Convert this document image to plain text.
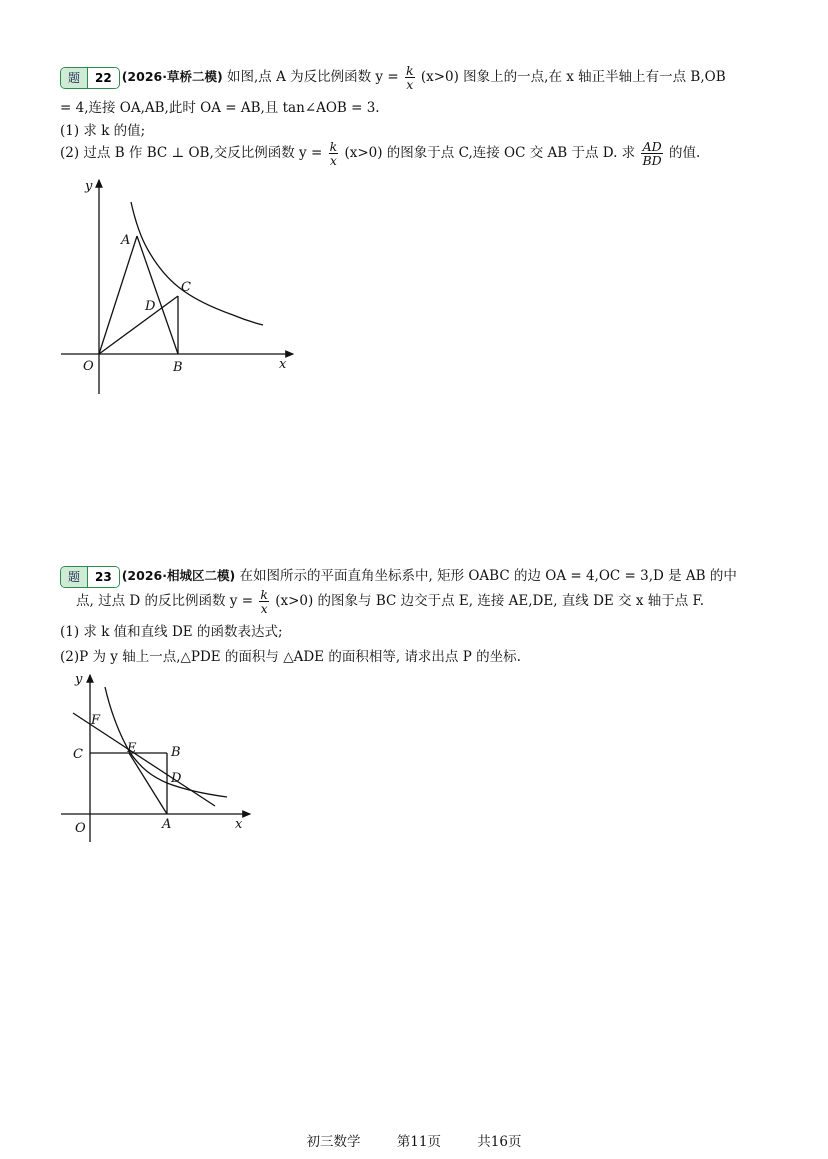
题 22 (2026·草桥二模) 如图,点 A 为反比例函数 $y = \frac{k}{x} (x>0)$ 图象上的一点,在 x 轴正半轴上有一点 B,OB
= 4,连接 OA,AB,此时 OA = AB,且 tan∠AOB = 3.
(1) 求 k 的值;
(2) 过点 B 作 BC ⊥ OB,交反比例函数 $y = \frac{k}{x} (x>0)$ 的图象于点 C,连接 OC 交 AB 于点 D. 求 $\frac{AD}{BD}$ 的值.
y
x
O
A
B
C
D
题 23 (2026·相城区二模) 在如图所示的平面直角坐标系中, 矩形 OABC 的边 OA = 4,OC = 3,D 是 AB 的中
点, 过点 D 的反比例函数 $y = \frac{k}{x} (x>0)$ 的图象与 BC 边交于点 E, 连接 AE,DE, 直线 DE 交 x 轴于点 F.
(1) 求 k 值和直线 DE 的函数表达式;
(2)P 为 y 轴上一点,△PDE 的面积与 △ADE 的面积相等, 请求出点 P 的坐标.
y
x
O	A
B
C
D
E
F
初三数学	第11页	共16页
